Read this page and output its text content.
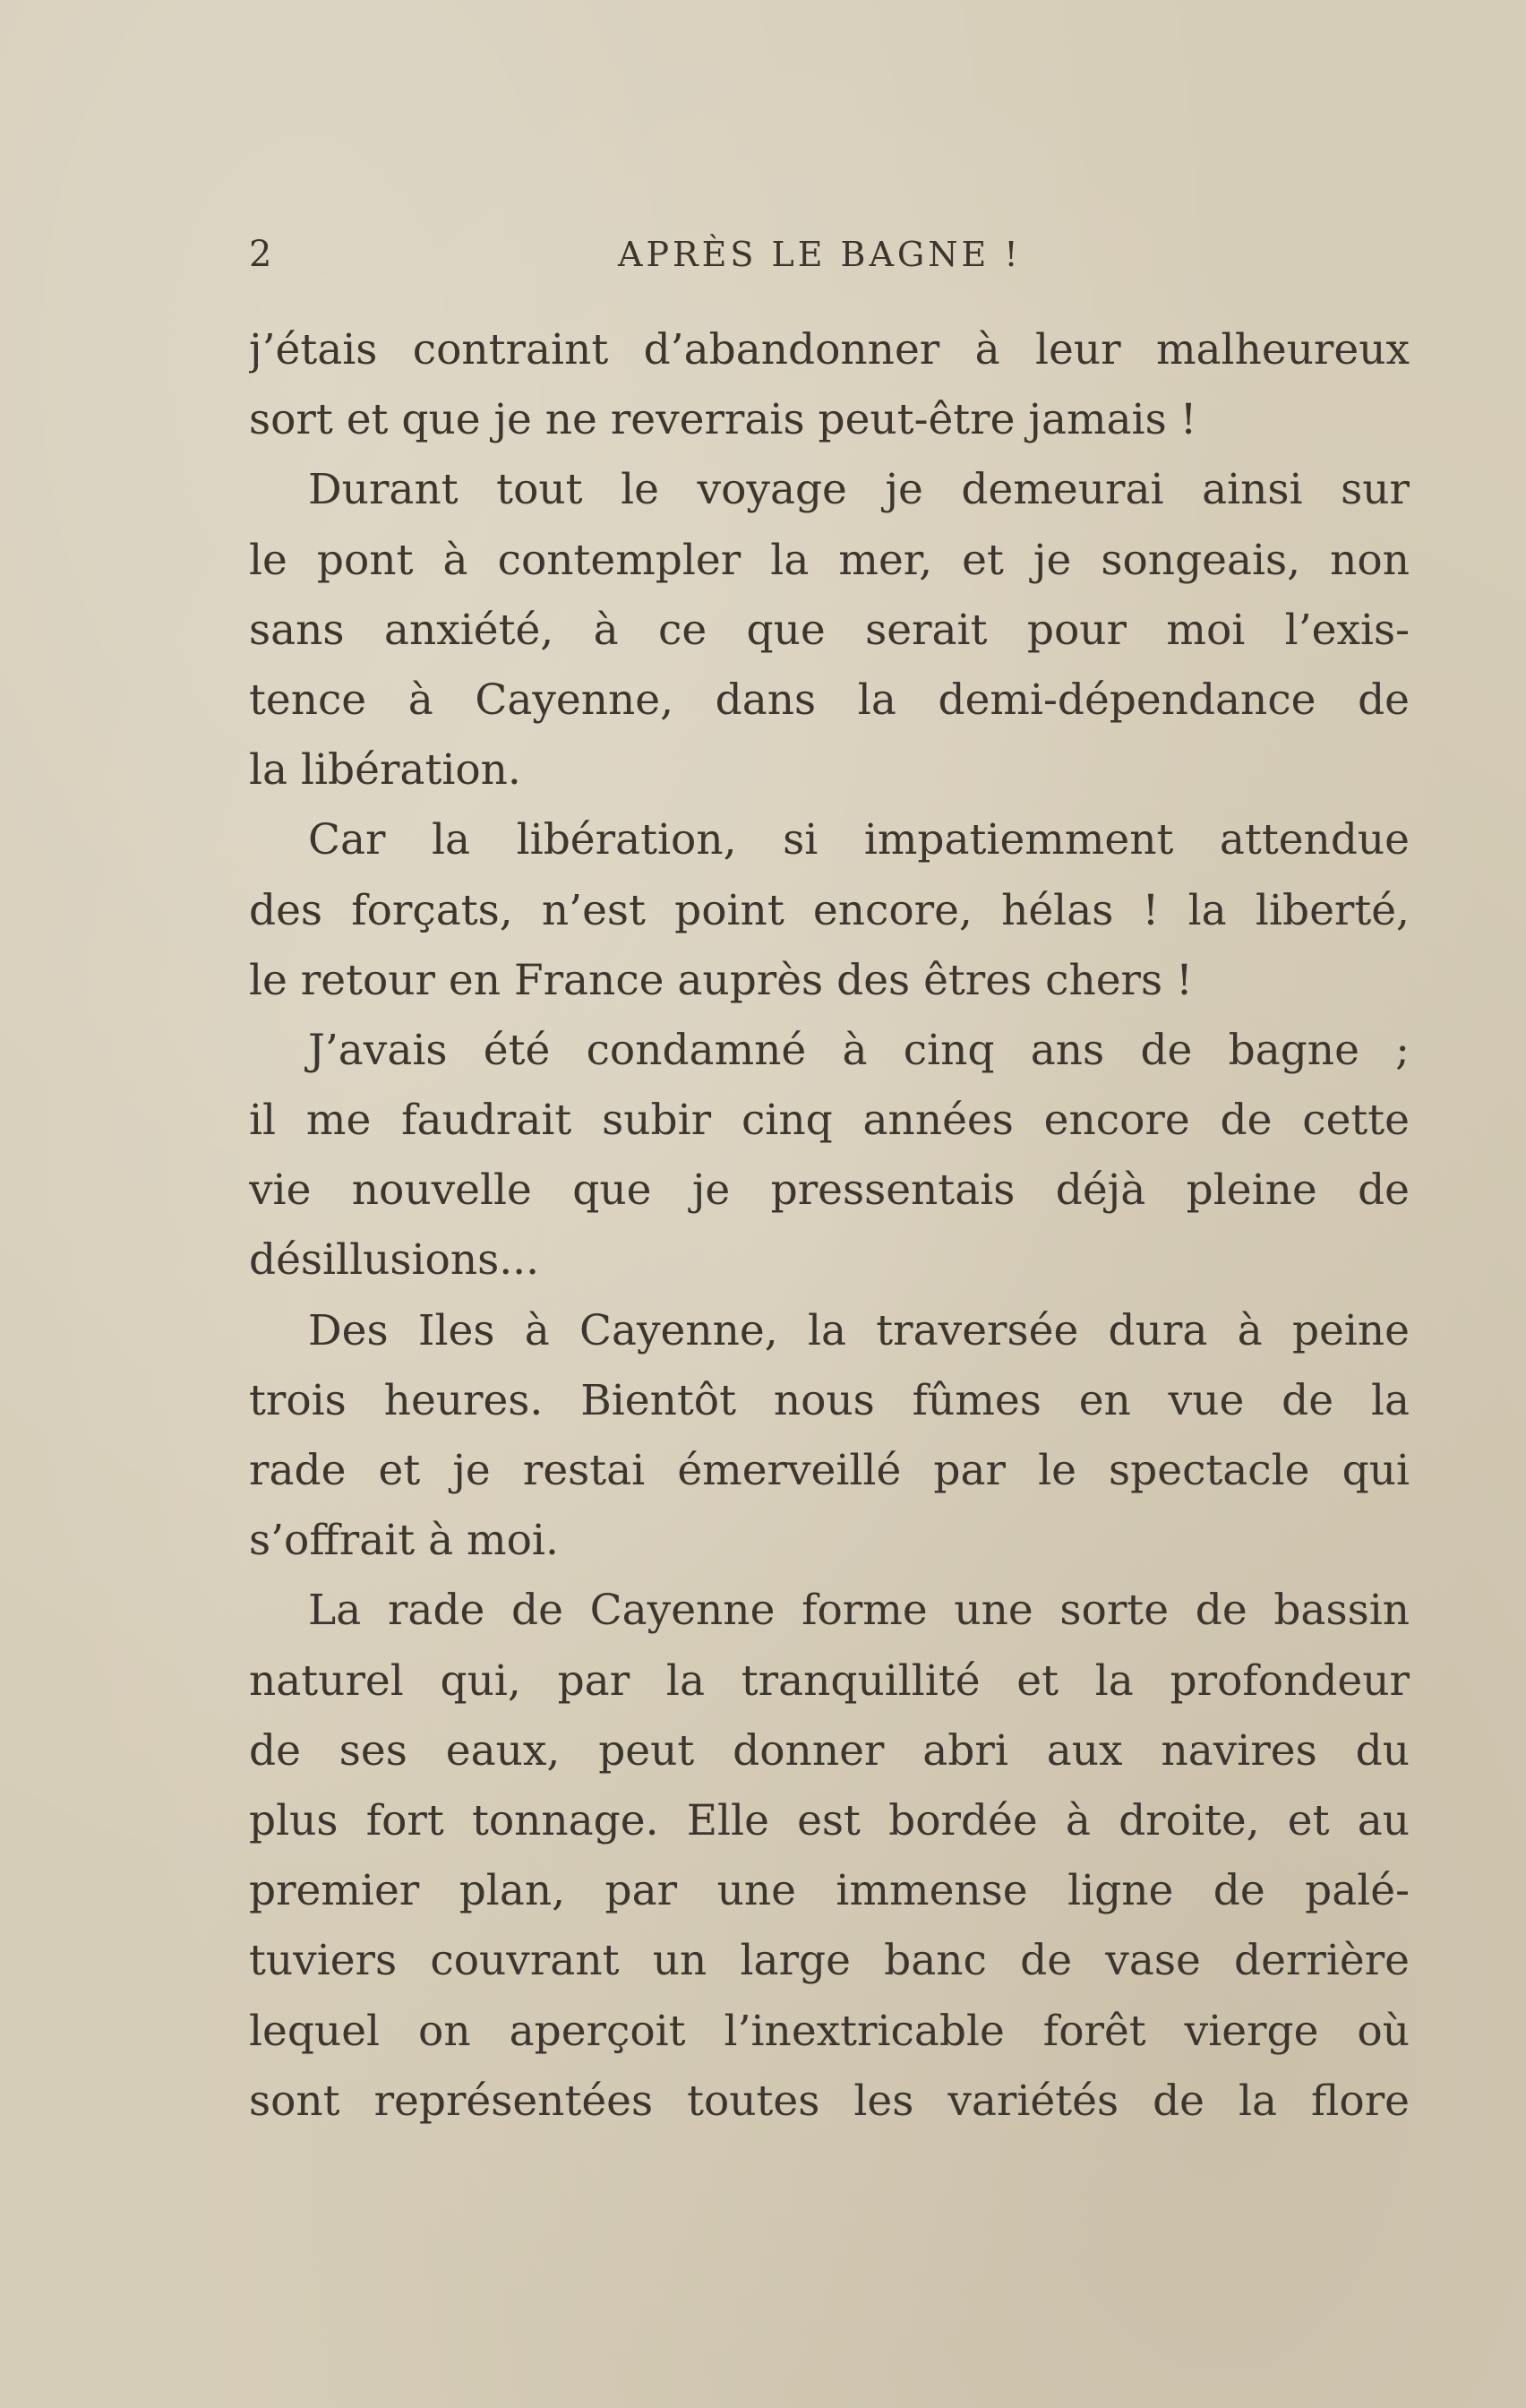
2	APRÈS LE BAGNE !
j’étais contraint d’abandonner à leur malheureux
sort et que je ne reverrais peut-être jamais !
Durant tout le voyage je demeurai ainsi sur
le pont à contempler la mer, et je songeais, non
sans anxiété, à ce que serait pour moi l’exis-
tence à Cayenne, dans la demi-dépendance de
la libération.
Car la libération, si impatiemment attendue
des forçats, n’est point encore, hélas ! la liberté,
le retour en France auprès des êtres chers !
J’avais été condamné à cinq ans de bagne ;
il me faudrait subir cinq années encore de cette
vie nouvelle que je pressentais déjà pleine de
désillusions...
Des Iles à Cayenne, la traversée dura à peine
trois heures. Bientôt nous fûmes en vue de la
rade et je restai émerveillé par le spectacle qui
s’offrait à moi.
La rade de Cayenne forme une sorte de bassin
naturel qui, par la tranquillité et la profondeur
de ses eaux, peut donner abri aux navires du
plus fort tonnage. Elle est bordée à droite, et au
premier plan, par une immense ligne de palé-
tuviers couvrant un large banc de vase derrière
lequel on aperçoit l’inextricable forêt vierge où
sont représentées toutes les variétés de la flore
